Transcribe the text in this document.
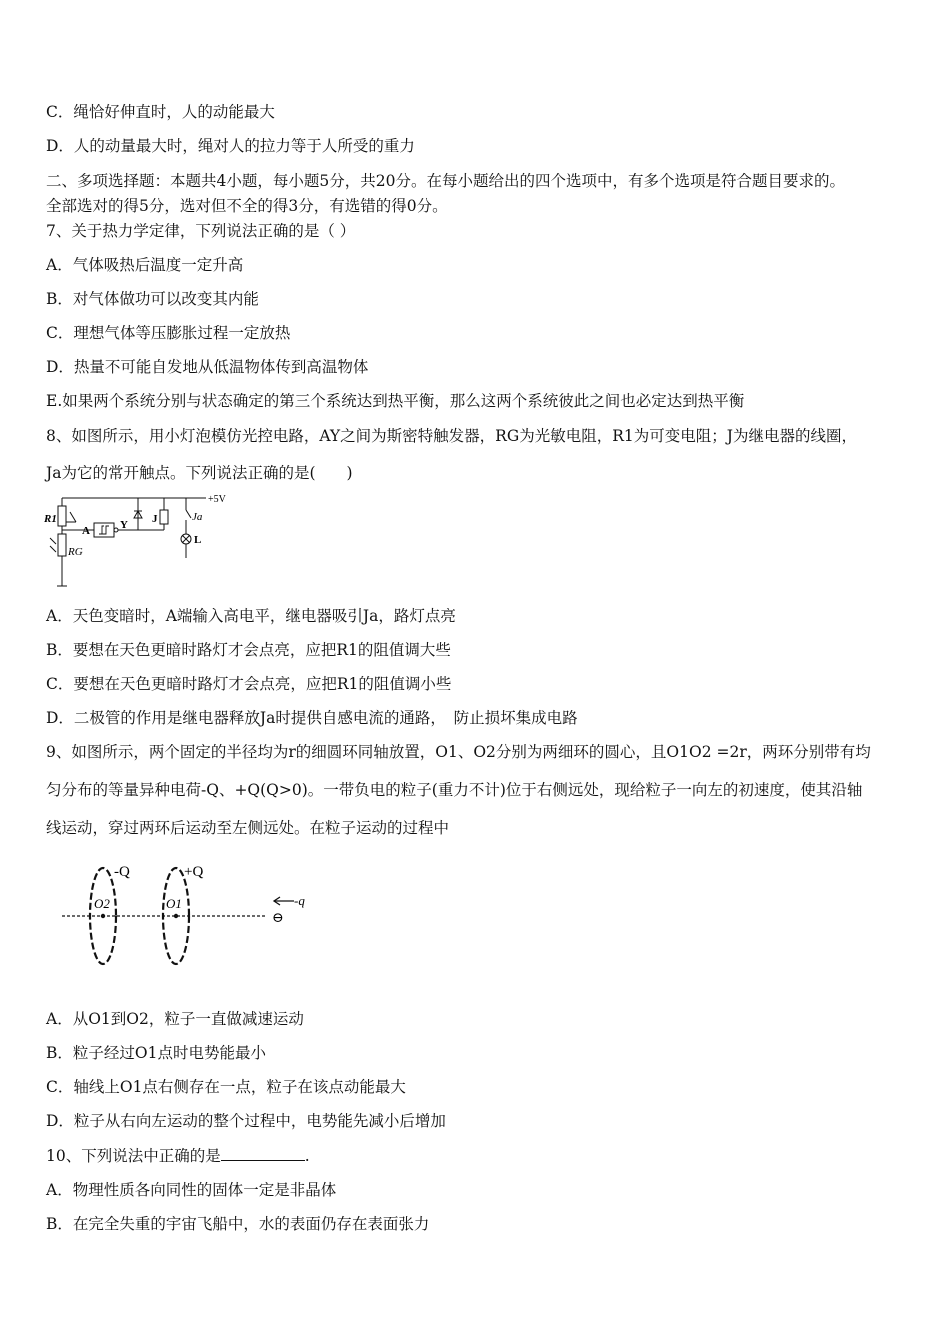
C．绳恰好伸直时，人的动能最大
D．人的动量最大时，绳对人的拉力等于人所受的重力
二、多项选择题：本题共4小题，每小题5分，共20分。在每小题给出的四个选项中，有多个选项是符合题目要求的。
全部选对的得5分，选对但不全的得3分，有选错的得0分。
7、关于热力学定律，下列说法正确的是（ ）
A．气体吸热后温度一定升高
B．对气体做功可以改变其内能
C．理想气体等压膨胀过程一定放热
D．热量不可能自发地从低温物体传到高温物体
E.如果两个系统分别与状态确定的第三个系统达到热平衡，那么这两个系统彼此之间也必定达到热平衡
8、如图所示，用小灯泡模仿光控电路，AY之间为斯密特触发器，RG为光敏电阻，R1为可变电阻；J为继电器的线圈，
Ja为它的常开触点。下列说法正确的是(　　)
+5V
R1
RG
A	Y J	Ja
L
A．天色变暗时，A端输入高电平，继电器吸引Ja，路灯点亮
B．要想在天色更暗时路灯才会点亮，应把R1的阻值调大些
C．要想在天色更暗时路灯才会点亮，应把R1的阻值调小些
D．二极管的作用是继电器释放Ja时提供自感电流的通路，　防止损坏集成电路
9、如图所示，两个固定的半径均为r的细圆环同轴放置，O1、O2分别为两细环的圆心，且O1O2 =2r，两环分别带有均
匀分布的等量异种电荷-Q、+Q(Q>0)。一带负电的粒子(重力不计)位于右侧远处，现给粒子一向左的初速度，使其沿轴
线运动，穿过两环后运动至左侧远处。在粒子运动的过程中
-Q	+Q
O2	O1	-q
⊖
A．从O1到O2，粒子一直做减速运动
B．粒子经过O1点时电势能最小
C．轴线上O1点右侧存在一点，粒子在该点动能最大
D．粒子从右向左运动的整个过程中，电势能先减小后增加
10、下列说法中正确的是	.
A．物理性质各向同性的固体一定是非晶体
B．在完全失重的宇宙飞船中，水的表面仍存在表面张力
